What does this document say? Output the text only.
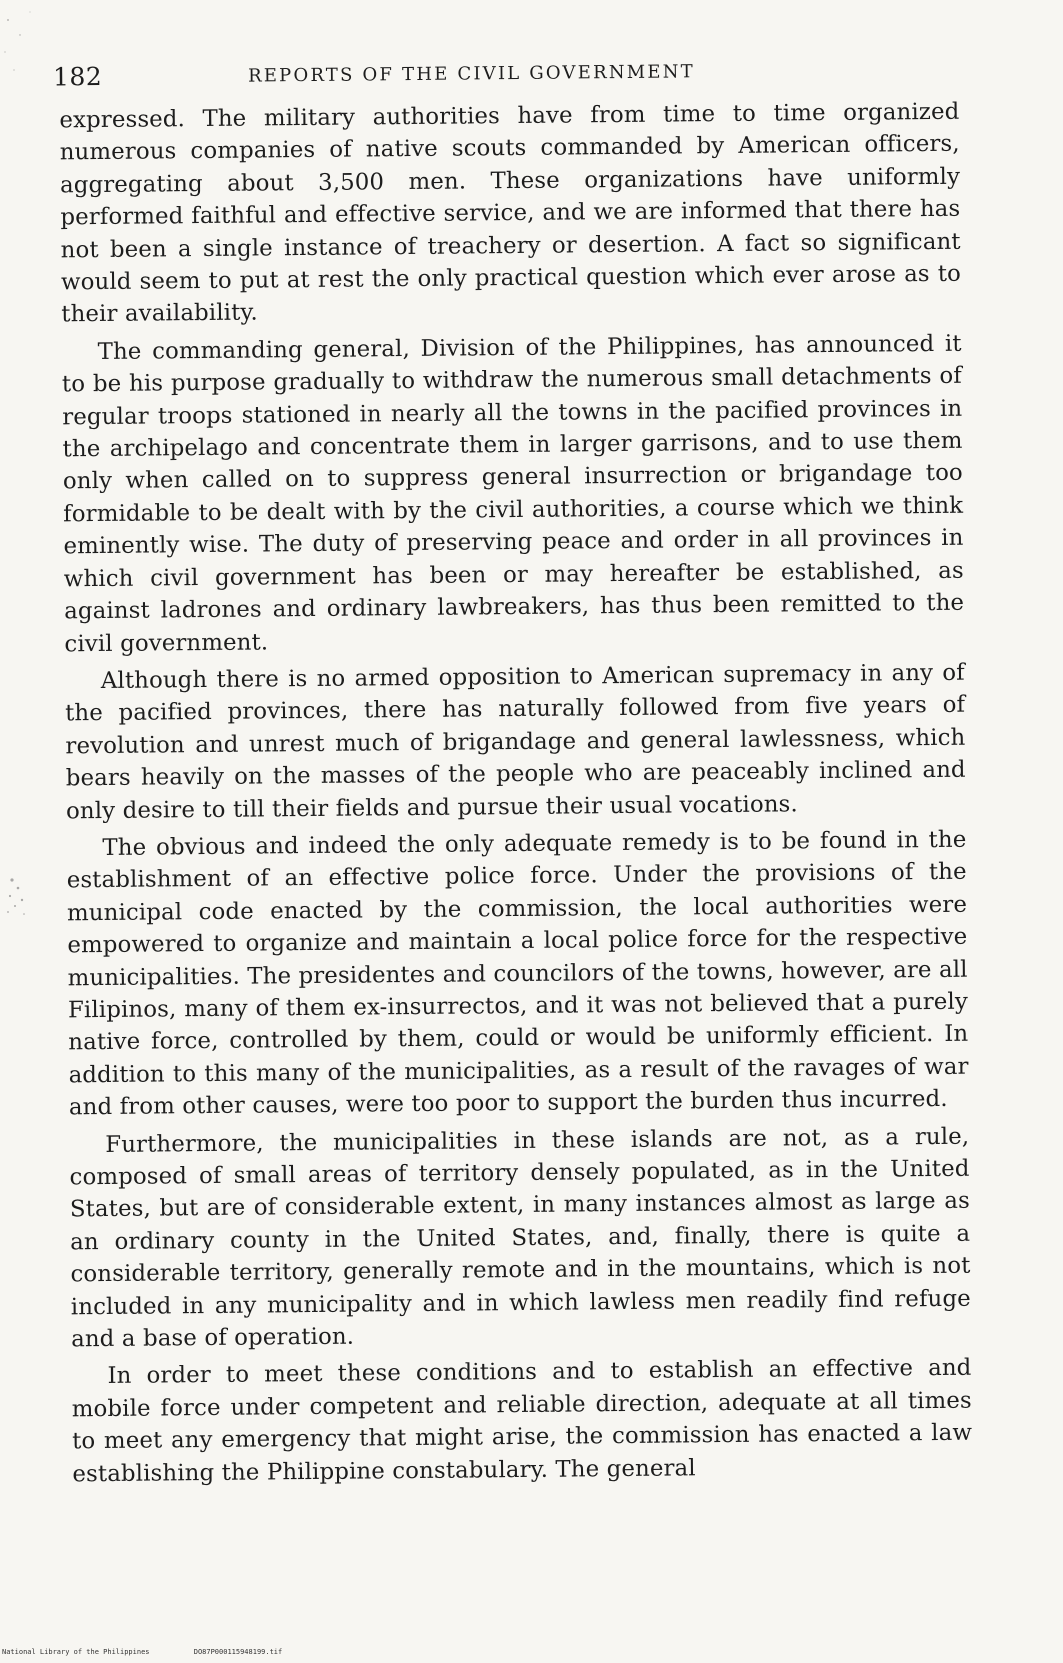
182	REPORTS OF THE CIVIL GOVERNMENT

expressed. The military authorities have from time to time organized numerous companies of native scouts commanded by American officers, aggregating about 3,500 men. These organizations have uniformly performed faithful and effective service, and we are informed that there has not been a single instance of treachery or desertion. A fact so significant would seem to put at rest the only practical question which ever arose as to their availability.

The commanding general, Division of the Philippines, has announced it to be his purpose gradually to withdraw the numerous small detachments of regular troops stationed in nearly all the towns in the pacified provinces in the archipelago and concentrate them in larger garrisons, and to use them only when called on to suppress general insurrection or brigandage too formidable to be dealt with by the civil authorities, a course which we think eminently wise. The duty of preserving peace and order in all provinces in which civil government has been or may hereafter be established, as against ladrones and ordinary lawbreakers, has thus been remitted to the civil government.

Although there is no armed opposition to American supremacy in any of the pacified provinces, there has naturally followed from five years of revolution and unrest much of brigandage and general lawlessness, which bears heavily on the masses of the people who are peaceably inclined and only desire to till their fields and pursue their usual vocations.

The obvious and indeed the only adequate remedy is to be found in the establishment of an effective police force. Under the provisions of the municipal code enacted by the commission, the local authorities were empowered to organize and maintain a local police force for the respective municipalities. The presidentes and councilors of the towns, however, are all Filipinos, many of them ex-insurrectos, and it was not believed that a purely native force, controlled by them, could or would be uniformly efficient. In addition to this many of the municipalities, as a result of the ravages of war and from other causes, were too poor to support the burden thus incurred.

Furthermore, the municipalities in these islands are not, as a rule, composed of small areas of territory densely populated, as in the United States, but are of considerable extent, in many instances almost as large as an ordinary county in the United States, and, finally, there is quite a considerable territory, generally remote and in the mountains, which is not included in any municipality and in which lawless men readily find refuge and a base of operation.

In order to meet these conditions and to establish an effective and mobile force under competent and reliable direction, adequate at all times to meet any emergency that might arise, the commission has enacted a law establishing the Philippine constabulary. The general

National Library of the Philippines	DO87P000115948199.tif
